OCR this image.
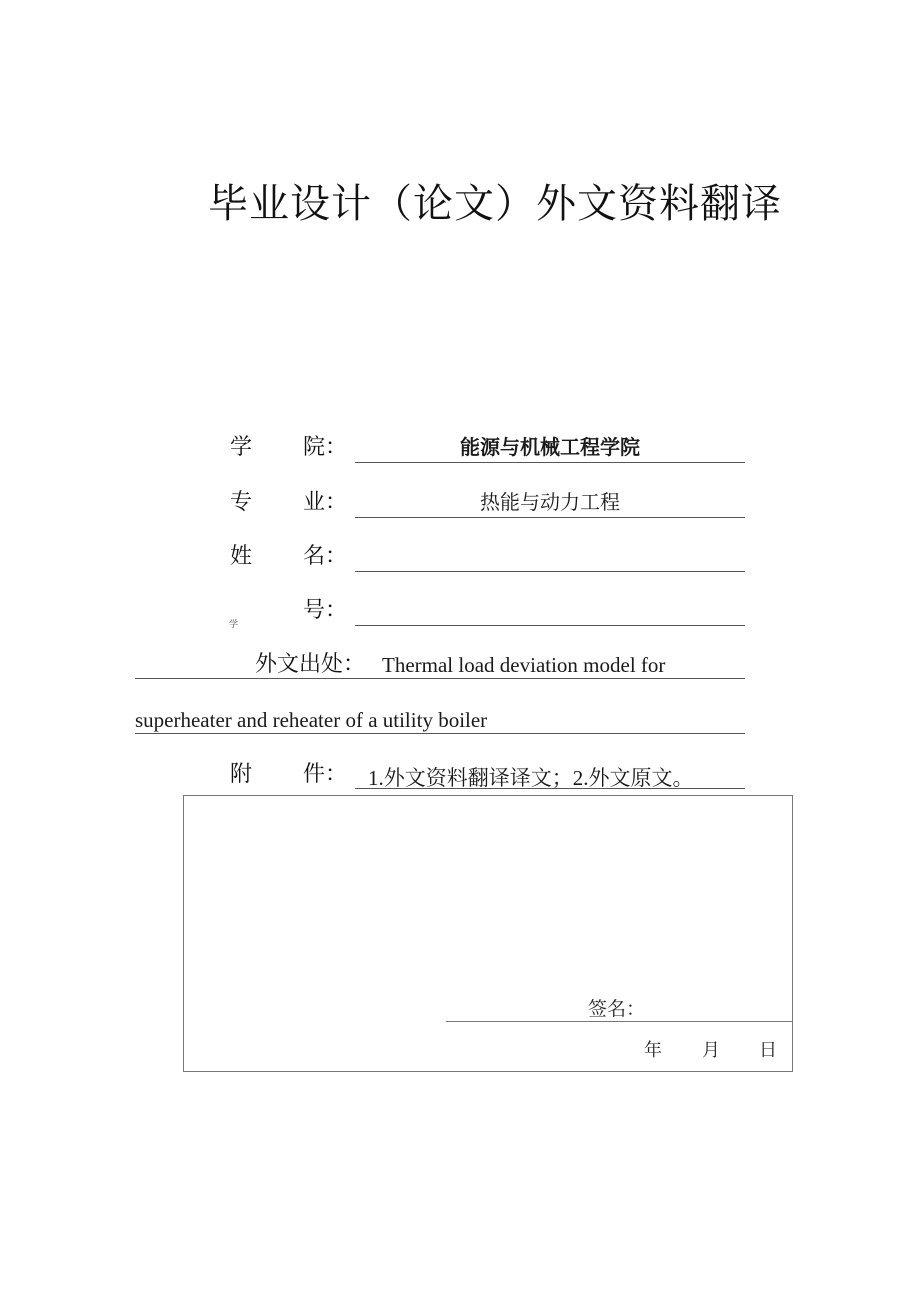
毕业设计（论文）外文资料翻译
学 院：	能源与机械工程学院
专 业：	热能与动力工程
姓 名：
学
号：
外文出处： Thermal load deviation model for
superheater and reheater of a utility boiler
附 件： 1.外文资料翻译译文；2.外文原文。
签名：
年 月 日
